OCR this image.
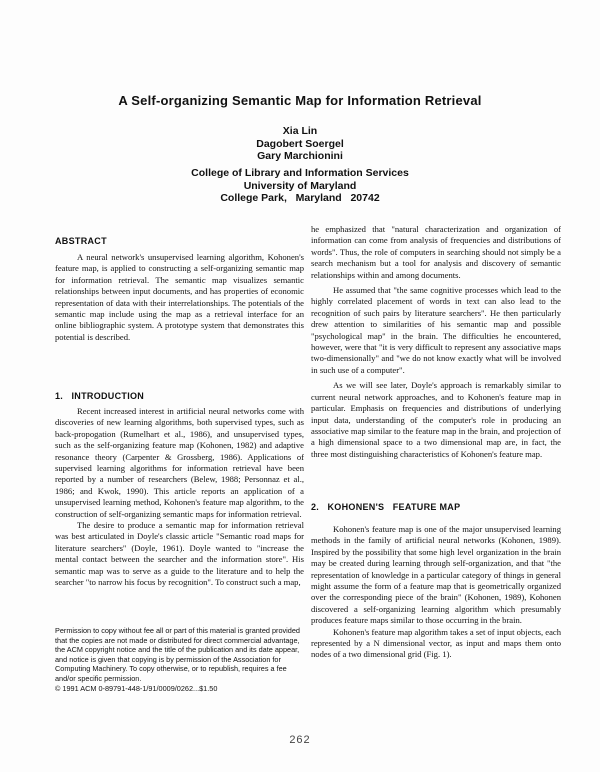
A Self-organizing Semantic Map for Information Retrieval
Xia Lin
Dagobert Soergel
Gary Marchionini
College of Library and Information Services
University of Maryland
College Park,   Maryland   20742
ABSTRACT

A neural network's unsupervised learning algorithm, Kohonen's feature map, is applied to constructing a self-organizing semantic map for information retrieval. The semantic map visualizes semantic relationships between input documents, and has properties of economic representation of data with their interrelationships. The potentials of the semantic map include using the map as a retrieval interface for an online bibliographic system. A prototype system that demonstrates this potential is described.

1.   INTRODUCTION

Recent increased interest in artificial neural networks come with discoveries of new learning algorithms, both supervised types, such as back-propogation (Rumelhart et al., 1986), and unsupervised types, such as the self-organizing feature map (Kohonen, 1982) and adaptive resonance theory (Carpenter & Grossberg, 1986). Applications of supervised learning algorithms for information retrieval have been reported by a number of researchers (Belew, 1988; Personnaz et al., 1986; and Kwok, 1990). This article reports an application of a unsupervised learning method, Kohonen's feature map algorithm, to the construction of self-organizing semantic maps for information retrieval.

The desire to produce a semantic map for information retrieval was best articulated in Doyle's classic article "Semantic road maps for literature searchers" (Doyle, 1961). Doyle wanted to "increase the mental contact between the searcher and the information store". His semantic map was to serve as a guide to the literature and to help the searcher "to narrow his focus by recognition". To construct such a map,

Permission to copy without fee all or part of this material is granted provided that the copies are not made or distributed for direct commercial advantage, the ACM copyright notice and the title of the publication and its date appear, and notice is given that copying is by permission of the Association for Computing Machinery. To copy otherwise, or to republish, requires a fee and/or specific permission.
© 1991 ACM 0-89791-448-1/91/0009/0262...$1.50

he emphasized that "natural characterization and organization of information can come from analysis of frequencies and distributions of words". Thus, the role of computers in searching should not simply be a search mechanism but a tool for analysis and discovery of semantic relationships within and among documents.

He assumed that "the same cognitive processes which lead to the highly correlated placement of words in text can also lead to the recognition of such pairs by literature searchers". He then particularly drew attention to similarities of his semantic map and possible "psychological map" in the brain. The difficulties he encountered, however, were that "it is very difficult to represent any associative maps two-dimensionally" and "we do not know exactly what will be involved in such use of a computer".

As we will see later, Doyle's approach is remarkably similar to current neural network approaches, and to Kohonen's feature map in particular. Emphasis on frequencies and distributions of underlying input data, understanding of the computer's role in producing an associative map similar to the feature map in the brain, and projection of a high dimensional space to a two dimensional map are, in fact, the three most distinguishing characteristics of Kohonen's feature map.

2.   KOHONEN'S   FEATURE MAP

Kohonen's feature map is one of the major unsupervised learning methods in the family of artificial neural networks (Kohonen, 1989). Inspired by the possibility that some high level organization in the brain may be created during learning through self-organization, and that "the representation of knowledge in a particular category of things in general might assume the form of a feature map that is geometrically organized over the corresponding piece of the brain" (Kohonen, 1989), Kohonen discovered a self-organizing learning algorithm which presumably produces feature maps similar to those occurring in the brain.

Kohonen's feature map algorithm takes a set of input objects, each represented by a N dimensional vector, as input and maps them onto nodes of a two dimensional grid (Fig. 1).

262
